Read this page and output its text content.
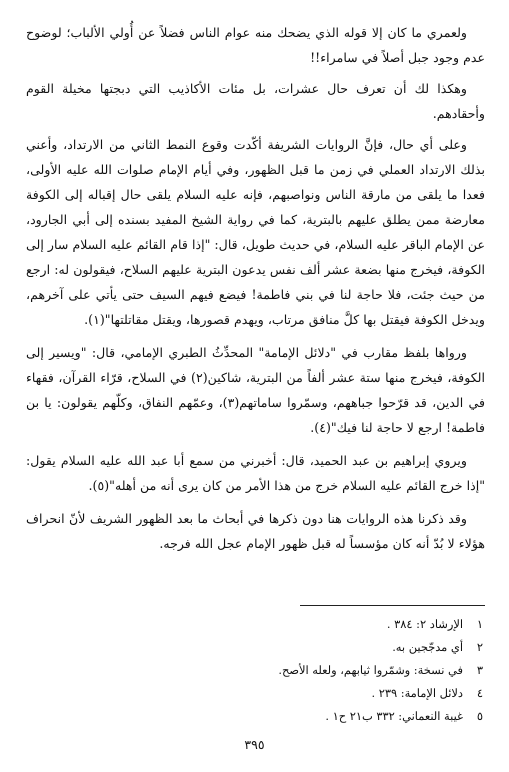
ولعمري ما كان إلا قوله الذي يضحك منه عوام الناس فضلاً عن أُولي الألباب؛ لوضوح عدم وجود جبل أصلاً في سامراء!!

وهكذا لك أن تعرف حال عشرات، بل مئات الأكاذيب التي دبجتها مخيلة القوم وأحقادهم.

وعلى أي حال، فإنَّ الروايات الشريفة أكّدت وقوع النمط الثاني من الارتداد، وأعني بذلك الارتداد العملي في زمن ما قبل الظهور، وفي أيام الإمام صلوات الله عليه الأولى، فعدا ما يلقى من مارقة الناس ونواصبهم، فإنه عليه السلام يلقى حال إقباله إلى الكوفة معارضة ممن يطلق عليهم بالبترية، كما في رواية الشيخ المفيد بسنده إلى أبي الجارود، عن الإمام الباقر عليه السلام، في حديث طويل، قال: "إذا قام القائم عليه السلام سار إلى الكوفة، فيخرج منها بضعة عشر ألف نفس يدعون البترية عليهم السلاح، فيقولون له: ارجع من حيث جئت، فلا حاجة لنا في بني فاطمة! فيضع فيهم السيف حتى يأتي على آخرهم، ويدخل الكوفة فيقتل بها كلَّ منافق مرتاب، ويهدم قصورها، ويقتل مقاتلتها"(١).

ورواها بلفظ مقارب في "دلائل الإمامة" المحدِّثُ الطبري الإمامي، قال: "ويسير إلى الكوفة، فيخرج منها ستة عشر ألفاً من البترية، شاكين(٢) في السلاح، قرّاء القرآن، فقهاء في الدين، قد قرّحوا جباههم، وسمّروا ساماتهم(٣)، وعمّهم النفاق، وكلّهم يقولون: يا بن فاطمة! ارجع لا حاجة لنا فيك"(٤).

ويروي إبراهيم بن عبد الحميد، قال: أخبرني من سمع أبا عبد الله عليه السلام يقول: "إذا خرج القائم عليه السلام خرج من هذا الأمر من كان يرى أنه من أهله"(٥).

وقد ذكرنا هذه الروايات هنا دون ذكرها في أبحاث ما بعد الظهور الشريف لأنّ انحراف هؤلاء لا بُدّ أنه كان مؤسساً له قبل ظهور الإمام عجل الله فرجه.

١
الإرشاد ٢: ٣٨٤ .
٢
أي مدجّجين به.
٣
في نسخة: وشمّروا ثيابهم، ولعله الأصح.
٤
دلائل الإمامة: ٢٣٩ .
٥
غيبة النعماني: ٣٣٢ ب٢١ ح١ .
٣٩٥
